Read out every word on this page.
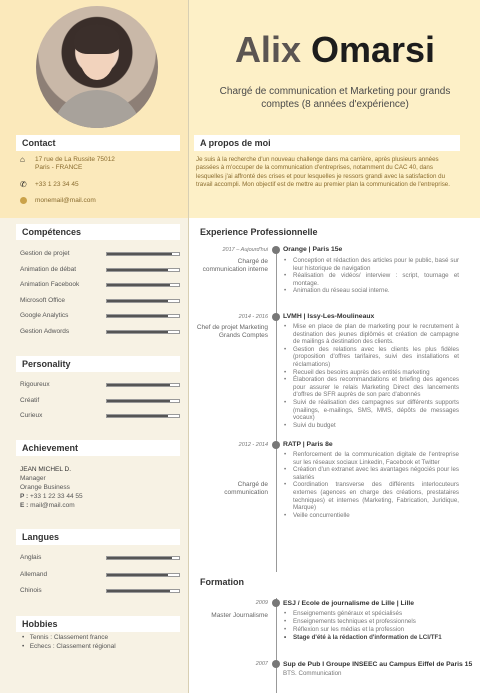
Alix Omarsi
Chargé de communication et Marketing pour grands comptes (8 années d'expérience)
Contact
⌂	17 rue de La Russite 75012
Paris - FRANCE
✆	+33 1 23 34 45
monemail@mail.com
A propos de moi
Je suis à la recherche d'un nouveau challenge dans ma carrière, après plusieurs années passées à m'occuper de la communication d'entreprises, notamment du CAC 40, dans lesquelles j'ai affronté des crises et pour lesquelles je ressors grandi avec la satisfaction du travail accompli. Mon objectif est de mettre au premier plan la communication de l'entreprise.
Compétences
Gestion de projet
Animation de débat
Animation Facebook
Microsoft Office
Google Analytics
Gestion Adwords
Personality
Rigoureux
Créatif
Curieux
Achievement
JEAN MICHEL D.
Manager
Orange Business
P : +33 1 22 33 44 55
E : mail@mail.com
Langues
Anglais
Allemand
Chinois
Hobbies
•   Tennis : Classement france
•   Echecs : Classement régional
Experience Professionnelle
2017 – Aujourd'hui
Chargé de communication interne
Orange | Paris 15e
• Conception et rédaction des articles pour le public, basé sur leur historique de navigation
• Réalisation de vidéos/ interview : script, tournage et montage.
• Animation du réseau social interne.
2014 - 2016
Chef de projet Marketing Grands Comptes
LVMH | Issy-Les-Moulineaux
• Mise en place de plan de marketing pour le recrutement à destination des jeunes diplômés et création de campagne de mailings à destination des clients.
• Gestion des relations avec les clients les plus fidèles (proposition d'offres tarifaires, suivi des installations et réclamations)
• Recueil des besoins auprès des entités marketing
• Élaboration des recommandations et briefing des agences pour assurer le relais Marketing Direct des lancements d'offres de SFR auprès de son parc d'abonnés
• Suivi de réalisation des campagnes sur différents supports (mailings, e-mailings, SMS, MMS, dépôts de messages vocaux)
• Suivi du budget
2012 - 2014
Chargé de communication
RATP | Paris 8e
• Renforcement de la communication digitale de l'entreprise sur les réseaux sociaux Linkedin, Facebook et Twitter
• Création d'un extranet avec les avantages négociés pour les salariés
• Coordination transverse des différents interlocuteurs externes (agences en charge des créations, prestataires techniques) et internes (Marketing, Fabrication, Juridique, Marque)
• Veille concurrentielle
Formation
2009
Master Journalisme
ESJ / Ecole de journalisme de Lille | Lille
• Enseignements généraux et spécialisés
• Enseignements techniques et professionnels
• Réflexion sur les médias et la profession
• Stage d'été à la rédaction d'information de LCI/TF1
2007 Sup de Pub I Groupe INSEEC au Campus Eiffel de Paris 15
BTS. Communication
